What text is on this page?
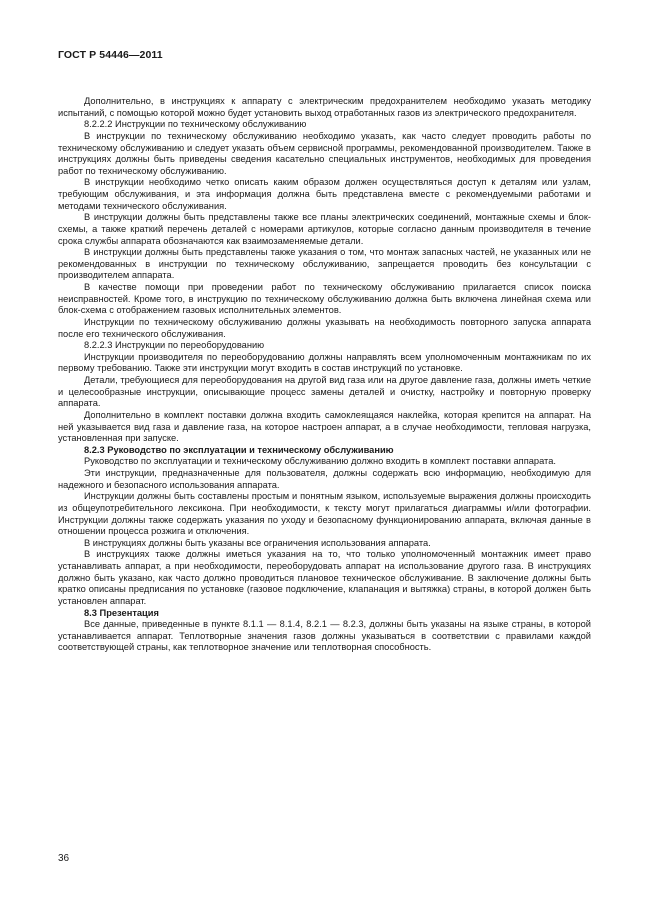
ГОСТ Р 54446—2011

Дополнительно, в инструкциях к аппарату с электрическим предохранителем необходимо указать методику испытаний, с помощью которой можно будет установить выход отработанных газов из электрического предохранителя.

8.2.2.2 Инструкции по техническому обслуживанию

В инструкции по техническому обслуживанию необходимо указать, как часто следует проводить работы по техническому обслуживанию и следует указать объем сервисной программы, рекомендованной производителем. Также в инструкциях должны быть приведены сведения касательно специальных инструментов, необходимых для проведения работ по техническому обслуживанию.

В инструкции необходимо четко описать каким образом должен осуществляться доступ к деталям или узлам, требующим обслуживания, и эта информация должна быть представлена вместе с рекомендуемыми работами и методами технического обслуживания.

В инструкции должны быть представлены также все планы электрических соединений, монтажные схемы и блок-схемы, а также краткий перечень деталей с номерами артикулов, которые согласно данным производителя в течение срока службы аппарата обозначаются как взаимозаменяемые детали.

В инструкции должны быть представлены также указания о том, что монтаж запасных частей, не указанных или не рекомендованных в инструкции по техническому обслуживанию, запрещается проводить без консультации с производителем аппарата.

В качестве помощи при проведении работ по техническому обслуживанию прилагается список поиска неисправностей. Кроме того, в инструкцию по техническому обслуживанию должна быть включена линейная схема или блок-схема с отображением газовых исполнительных элементов.

Инструкции по техническому обслуживанию должны указывать на необходимость повторного запуска аппарата после его технического обслуживания.

8.2.2.3 Инструкции по переоборудованию

Инструкции производителя по переоборудованию должны направлять всем уполномоченным монтажникам по их первому требованию. Также эти инструкции могут входить в состав инструкций по установке.

Детали, требующиеся для переоборудования на другой вид газа или на другое давление газа, должны иметь четкие и целесообразные инструкции, описывающие процесс замены деталей и очистку, настройку и повторную проверку аппарата.

Дополнительно в комплект поставки должна входить самоклеящаяся наклейка, которая крепится на аппарат. На ней указывается вид газа и давление газа, на которое настроен аппарат, а в случае необходимости, тепловая нагрузка, установленная при запуске.

8.2.3 Руководство по эксплуатации и техническому обслуживанию

Руководство по эксплуатации и техническому обслуживанию должно входить в комплект поставки аппарата.

Эти инструкции, предназначенные для пользователя, должны содержать всю информацию, необходимую для надежного и безопасного использования аппарата.

Инструкции должны быть составлены простым и понятным языком, используемые выражения должны происходить из общеупотребительного лексикона. При необходимости, к тексту могут прилагаться диаграммы и/или фотографии. Инструкции должны также содержать указания по уходу и безопасному функционированию аппарата, включая данные в отношении процесса розжига и отключения.

В инструкциях должны быть указаны все ограничения использования аппарата.

В инструкциях также должны иметься указания на то, что только уполномоченный монтажник имеет право устанавливать аппарат, а при необходимости, переоборудовать аппарат на использование другого газа. В инструкциях должно быть указано, как часто должно проводиться плановое техническое обслуживание. В заключение должны быть кратко описаны предписания по установке (газовое подключение, клапанация и вытяжка) страны, в которой должен быть установлен аппарат.

8.3 Презентация

Все данные, приведенные в пункте 8.1.1 — 8.1.4, 8.2.1 — 8.2.3, должны быть указаны на языке страны, в которой устанавливается аппарат. Теплотворные значения газов должны указываться в соответствии с правилами каждой соответствующей страны, как теплотворное значение или теплотворная способность.

36
